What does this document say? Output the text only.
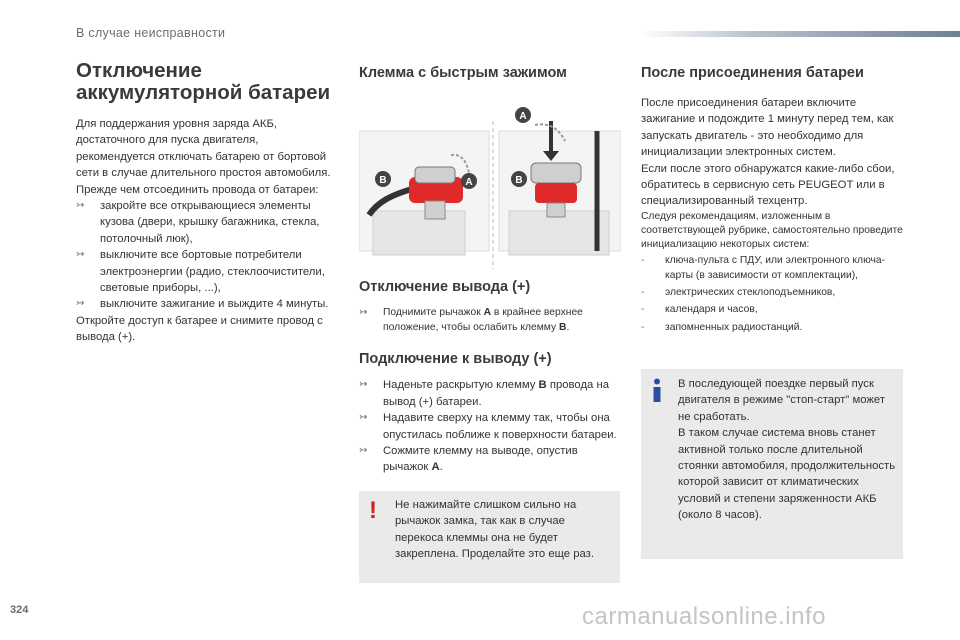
В случае неисправности
Отключение
аккумуляторной батареи

Для поддержания уровня заряда АКБ, достаточного для пуска двигателя, рекомендуется отключать батарею от бортовой сети в случае длительного простоя автомобиля.

Прежде чем отсоединить провода от батареи:

↣ закройте все открывающиеся элементы кузова (двери, крышку багажника, стекла, потолочный люк),
↣ выключите все бортовые потребители электроэнергии (радио, стеклоочистители, световые приборы, ...),
↣ выключите зажигание и выждите 4 минуты.

Откройте доступ к батарее и снимите провод с вывода (+).

Клемма с быстрым зажимом
B	A
A
B
Отключение вывода (+)
↣ Поднимите рычажок A в крайнее верхнее положение, чтобы ослабить клемму B.
Подключение к выводу (+)
↣ Наденьте раскрытую клемму B провода на вывод (+) батареи.
↣ Надавите сверху на клемму так, чтобы она опустилась поближе к поверхности батареи.
↣ Сожмите клемму на выводе, опустив рычажок A.
! Не нажимайте слишком сильно на рычажок замка, так как в случае перекоса клеммы она не будет закреплена. Проделайте это еще раз.
После присоединения батареи

После присоединения батареи включите зажигание и подождите 1 минуту перед тем, как запускать двигатель - это необходимо для инициализации электронных систем.

Если после этого обнаружатся какие-либо сбои, обратитесь в сервисную сеть PEUGEOT или в специализированный техцентр.

Следуя рекомендациям, изложенным в соответствующей рубрике, самостоятельно проведите инициализацию некоторых систем:

- ключа-пульта с ПДУ, или электронного ключа-карты (в зависимости от комплектации),
- электрических стеклоподъемников,
- календаря и часов,
- запомненных радиостанций.
В последующей поездке первый пуск двигателя в режиме "стоп-старт" может не сработать.
В таком случае система вновь станет активной только после длительной стоянки автомобиля, продолжительность которой зависит от климатических условий и степени заряженности АКБ (около 8 часов).
324	carmanualsonline.info
